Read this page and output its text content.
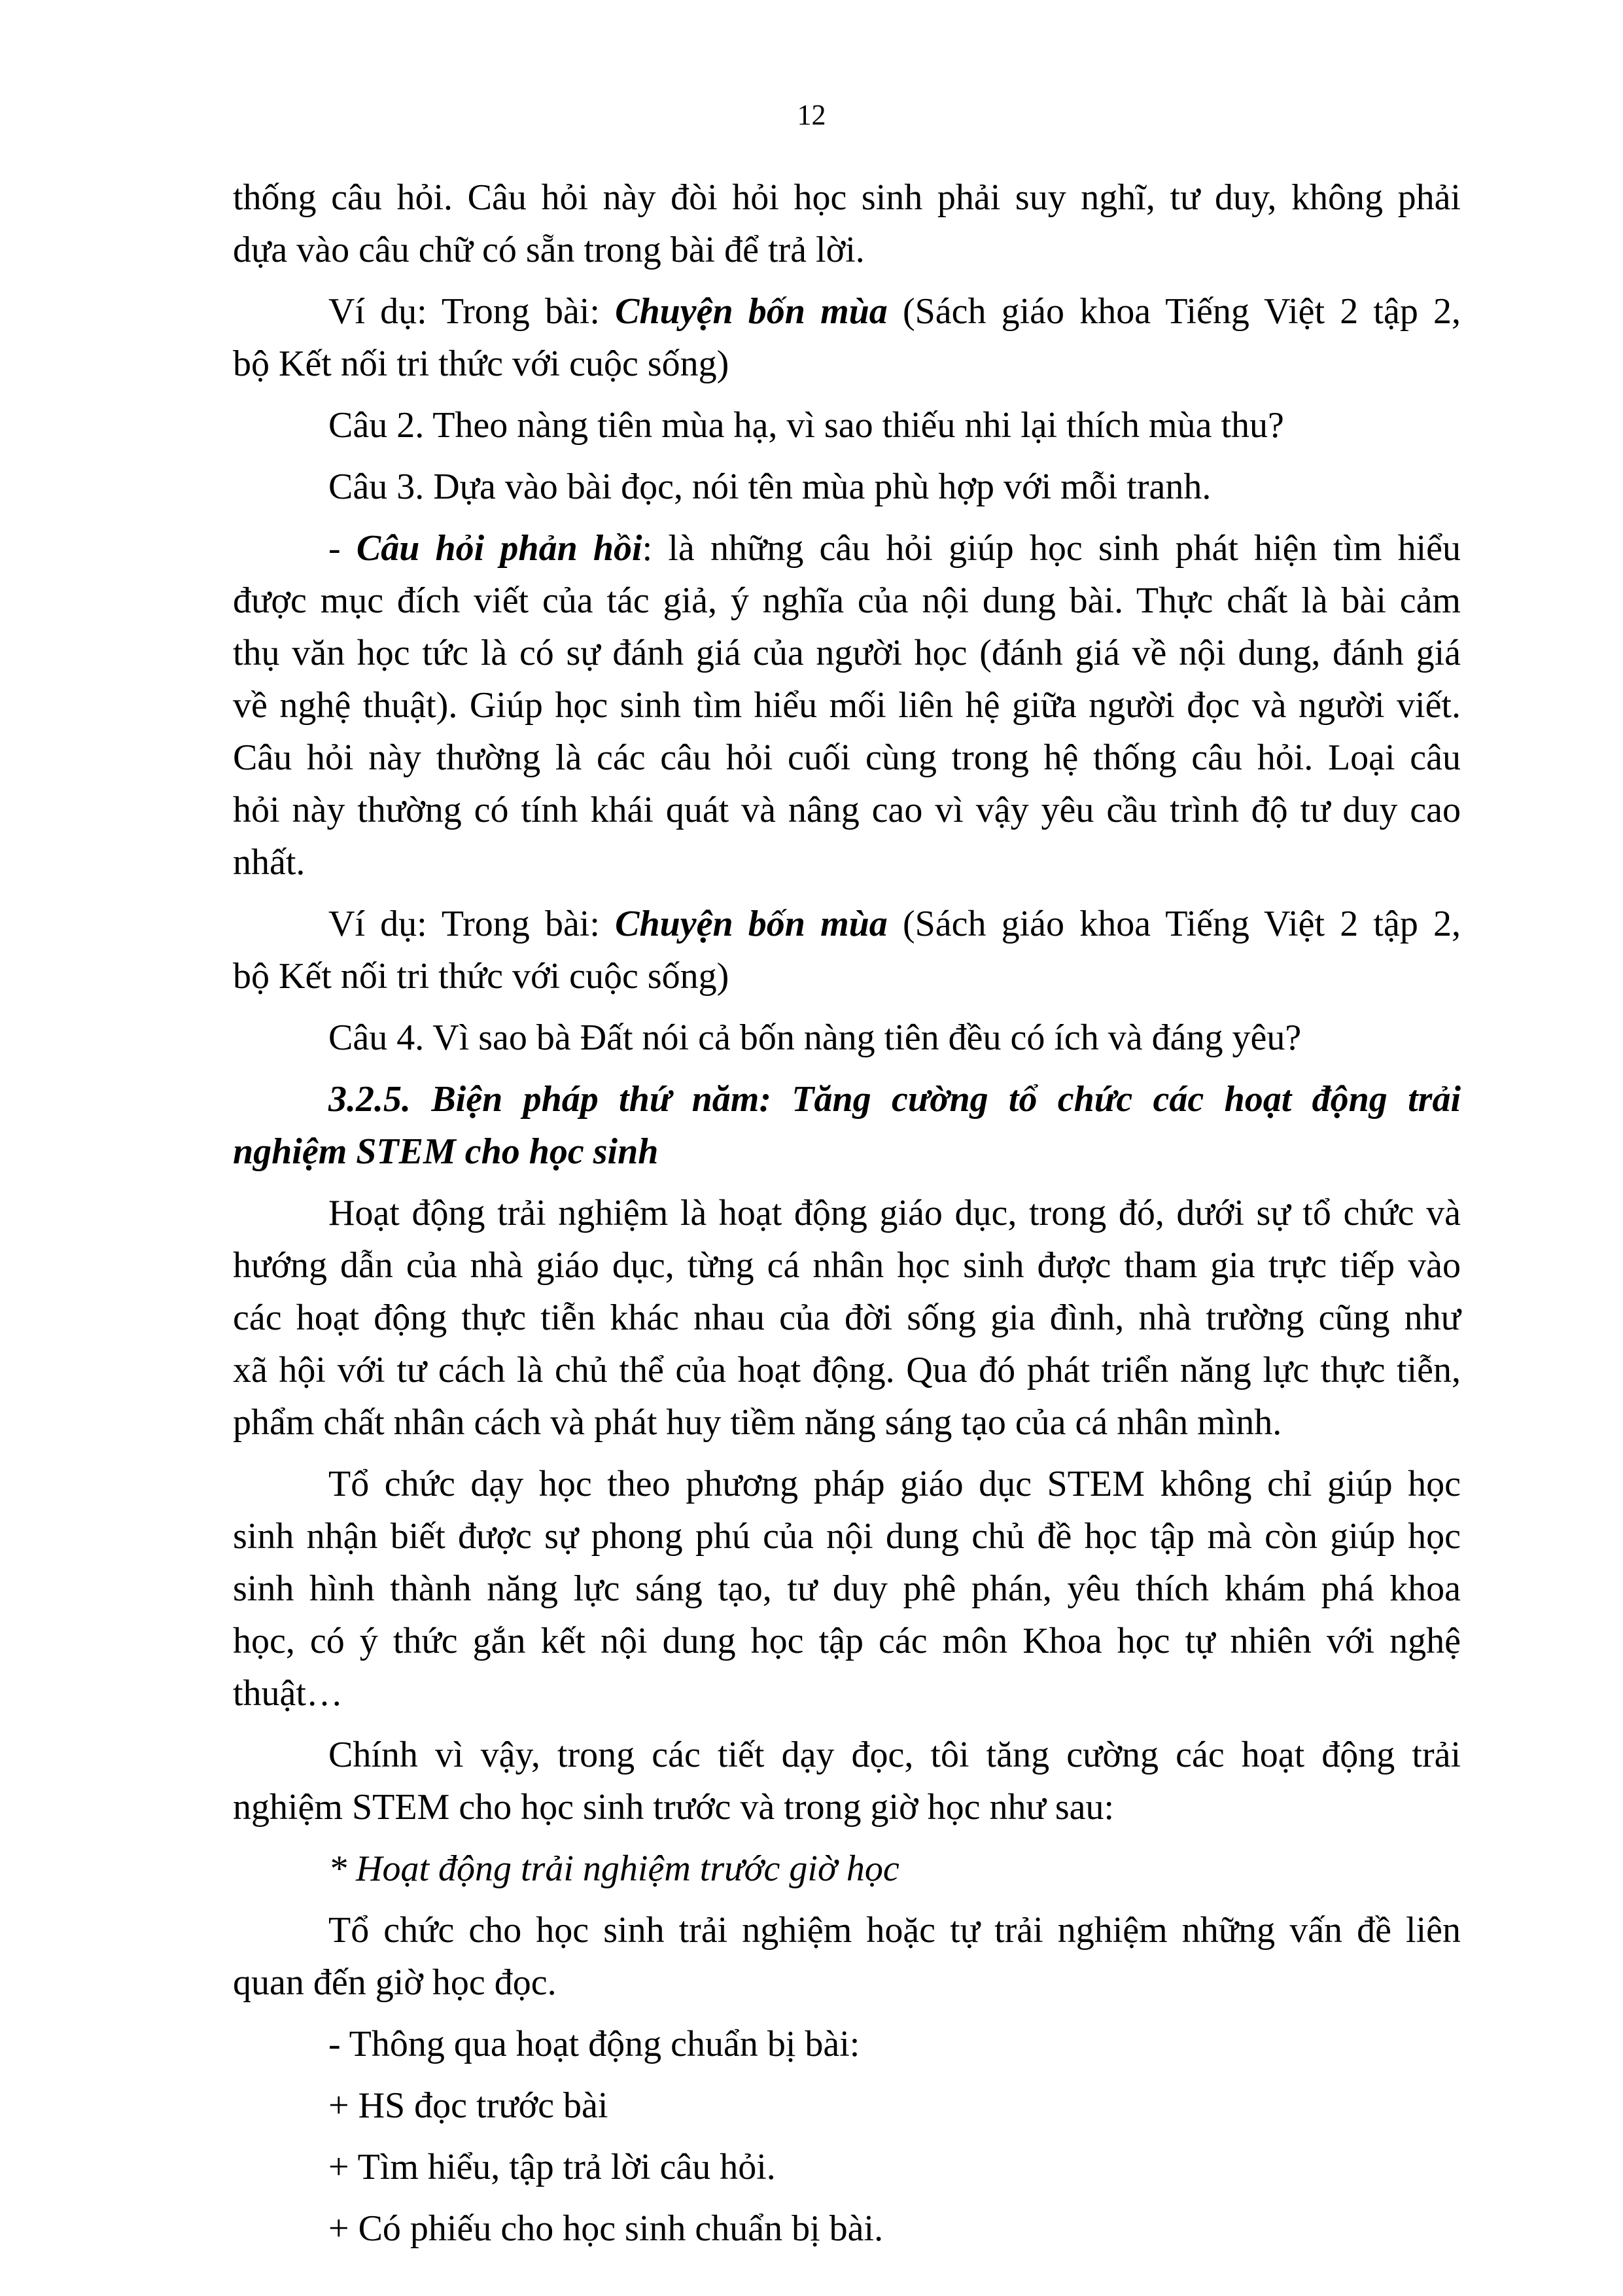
12

thống câu hỏi. Câu hỏi này đòi hỏi học sinh phải suy nghĩ, tư duy, không phải

dựa vào câu chữ có sẵn trong bài để trả lời.

Ví dụ: Trong bài: Chuyện bốn mùa (Sách giáo khoa Tiếng Việt 2 tập 2,

bộ Kết nối tri thức với cuộc sống)

Câu 2. Theo nàng tiên mùa hạ, vì sao thiếu nhi lại thích mùa thu?

Câu 3. Dựa vào bài đọc, nói tên mùa phù hợp với mỗi tranh.

- Câu hỏi phản hồi: là những câu hỏi giúp học sinh phát hiện tìm hiểu

được mục đích viết của tác giả, ý nghĩa của nội dung bài. Thực chất là bài cảm

thụ văn học tức là có sự đánh giá của người học (đánh giá về nội dung, đánh giá

về nghệ thuật). Giúp học sinh tìm hiểu mối liên hệ giữa người đọc và người viết.

Câu hỏi này thường là các câu hỏi cuối cùng trong hệ thống câu hỏi. Loại câu

hỏi này thường có tính khái quát và nâng cao vì vậy yêu cầu trình độ tư duy cao

nhất.

Ví dụ: Trong bài: Chuyện bốn mùa (Sách giáo khoa Tiếng Việt 2 tập 2,

bộ Kết nối tri thức với cuộc sống)

Câu 4. Vì sao bà Đất nói cả bốn nàng tiên đều có ích và đáng yêu?

3.2.5. Biện pháp thứ năm: Tăng cường tổ chức các hoạt động trải

nghiệm STEM cho học sinh

Hoạt động trải nghiệm là hoạt động giáo dục, trong đó, dưới sự tổ chức và

hướng dẫn của nhà giáo dục, từng cá nhân học sinh được tham gia trực tiếp vào

các hoạt động thực tiễn khác nhau của đời sống gia đình, nhà trường cũng như

xã hội với tư cách là chủ thể của hoạt động. Qua đó phát triển năng lực thực tiễn,

phẩm chất nhân cách và phát huy tiềm năng sáng tạo của cá nhân mình.

Tổ chức dạy học theo phương pháp giáo dục STEM không chỉ giúp học

sinh nhận biết được sự phong phú của nội dung chủ đề học tập mà còn giúp học

sinh hình thành năng lực sáng tạo, tư duy phê phán, yêu thích khám phá khoa

học, có ý thức gắn kết nội dung học tập các môn Khoa học tự nhiên với nghệ

thuật…

Chính vì vậy, trong các tiết dạy đọc, tôi tăng cường các hoạt động trải

nghiệm STEM cho học sinh trước và trong giờ học như sau:

* Hoạt động trải nghiệm trước giờ học

Tổ chức cho học sinh trải nghiệm hoặc tự trải nghiệm những vấn đề liên

quan đến giờ học đọc.

- Thông qua hoạt động chuẩn bị bài:

+ HS đọc trước bài

+ Tìm hiểu, tập trả lời câu hỏi.

+ Có phiếu cho học sinh chuẩn bị bài.
